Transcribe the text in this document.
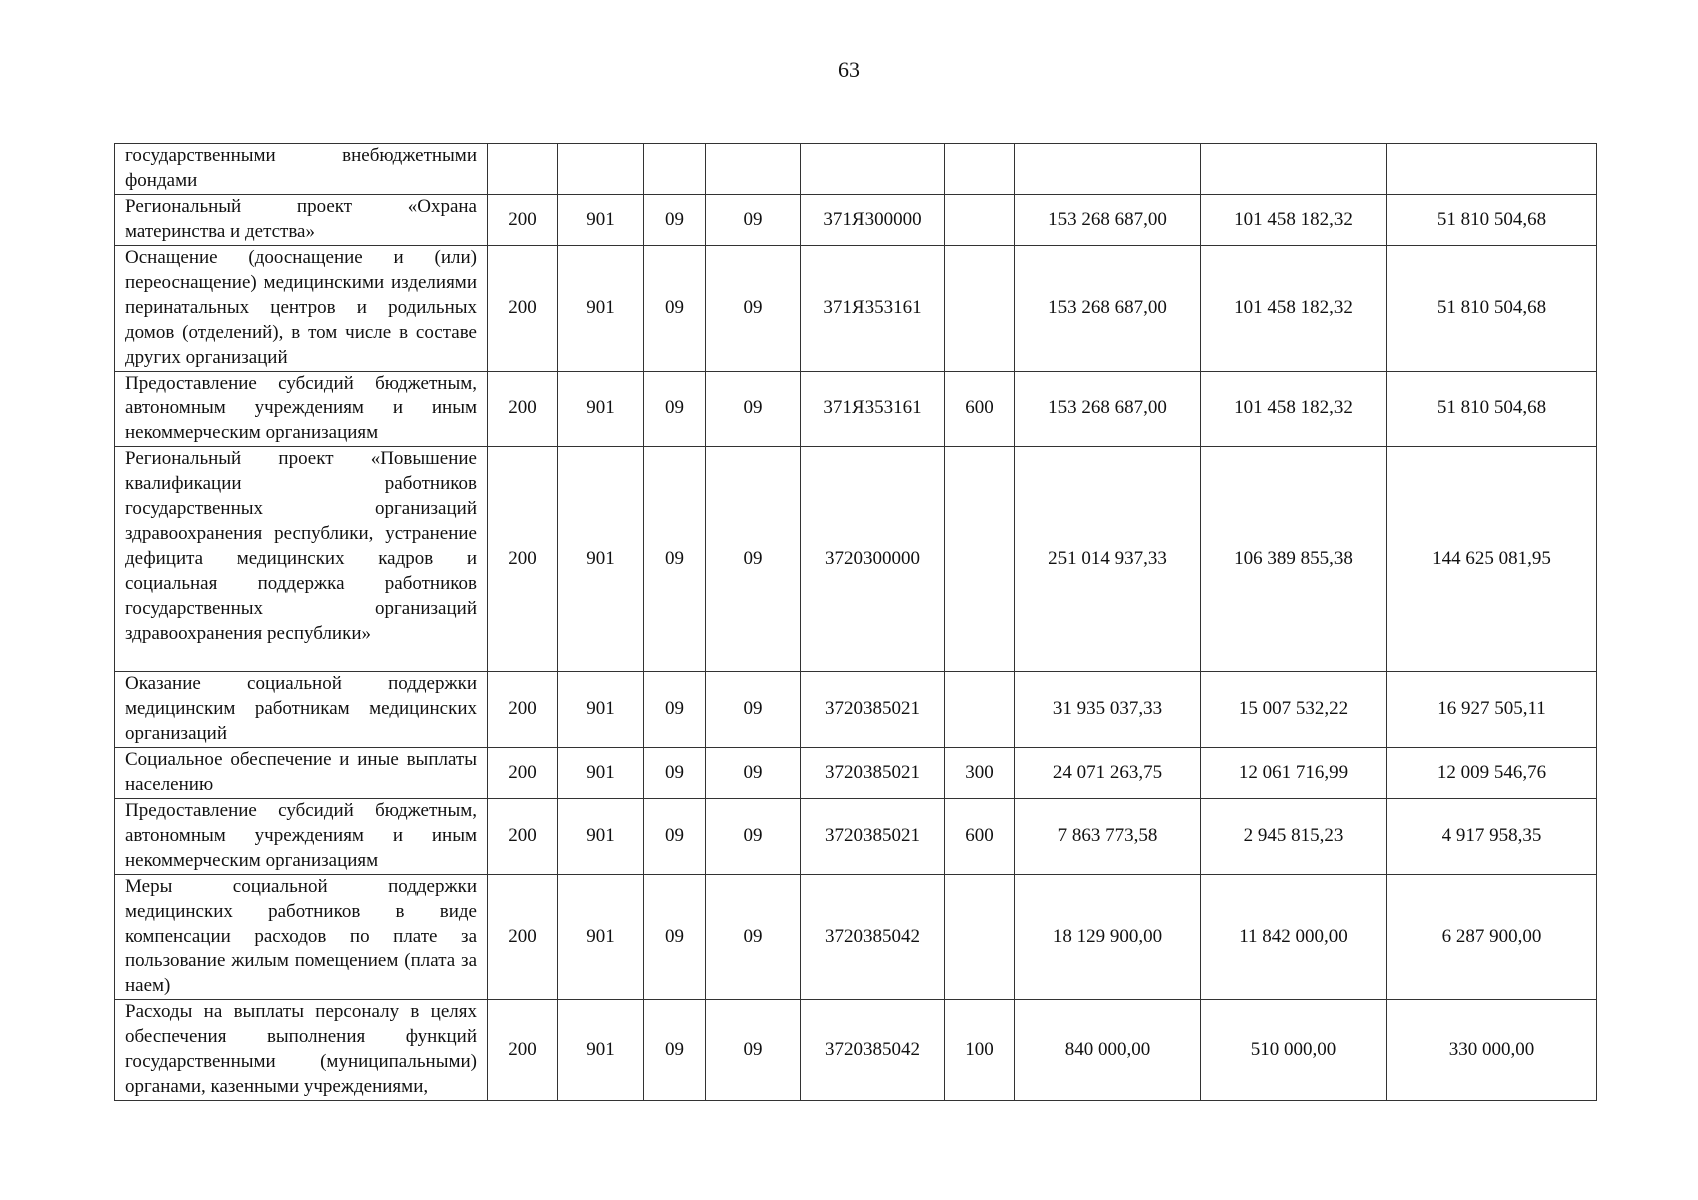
63
государственными внебюджетными фондами									
Региональный проект «Охрана материнства и детства»	200	901	09	09	371Я300000		153 268 687,00	101 458 182,32	51 810 504,68
Оснащение (дооснащение и (или) переоснащение) медицинскими изделиями перинатальных центров и родильных домов (отделений), в том числе в составе других организаций	200	901	09	09	371Я353161		153 268 687,00	101 458 182,32	51 810 504,68
Предоставление субсидий бюджетным, автономным учреждениям и иным некоммерческим организациям	200	901	09	09	371Я353161	600	153 268 687,00	101 458 182,32	51 810 504,68
Региональный проект «Повышение квалификации работников государственных организаций здравоохранения республики, устранение дефицита медицинских кадров и социальная поддержка работников государственных организаций здравоохранения республики»	200	901	09	09	3720300000		251 014 937,33	106 389 855,38	144 625 081,95
Оказание социальной поддержки медицинским работникам медицинских организаций	200	901	09	09	3720385021		31 935 037,33	15 007 532,22	16 927 505,11
Социальное обеспечение и иные выплаты населению	200	901	09	09	3720385021	300	24 071 263,75	12 061 716,99	12 009 546,76
Предоставление субсидий бюджетным, автономным учреждениям и иным некоммерческим организациям	200	901	09	09	3720385021	600	7 863 773,58	2 945 815,23	4 917 958,35
Меры социальной поддержки медицинских работников в виде компенсации расходов по плате за пользование жилым помещением (плата за наем)	200	901	09	09	3720385042		18 129 900,00	11 842 000,00	6 287 900,00
Расходы на выплаты персоналу в целях обеспечения выполнения функций государственными (муниципальными) органами, казенными учреждениями,	200	901	09	09	3720385042	100	840 000,00	510 000,00	330 000,00
